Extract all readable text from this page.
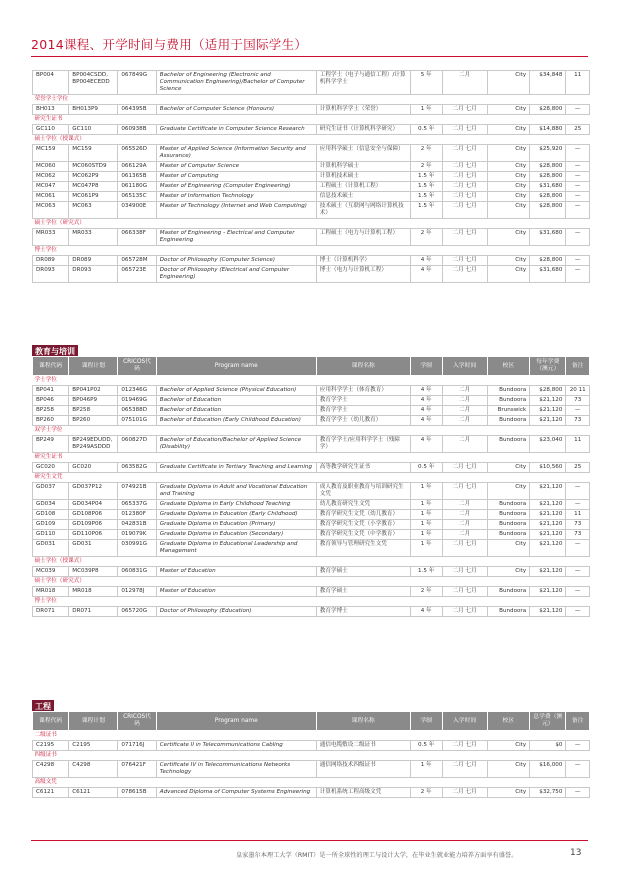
2014课程、开学时间与费用（适用于国际学生）
BP004	BP004CSDD, BP004ECEDD	067849G	Bachelor of Engineering (Electronic and Communication Engineering)/Bachelor of Computer Science	工程学士（电子与通信工程）/计算机科学学士	5 年	二月	City	$34,848	11
荣誉学士学位									
BH013	BH013P9	064395B	Bachelor of Computer Science (Honours)	计算机科学学士（荣誉）	1 年	二月 七月	City	$28,800	—
研究生证书									
GC110	GC110	060938B	Graduate Certificate in Computer Science Research	研究生证书（计算机科学研究）	0.5 年	二月 七月	City	$14,880	25
硕士学位（授课式）									
MC159	MC159	065526D	Master of Applied Science (Information Security and Assurance)	应用科学硕士（信息安全与保障）	2 年	二月 七月	City	$25,920	—
MC060	MC060STD9	066129A	Master of Computer Science	计算机科学硕士	2 年	二月 七月	City	$28,800	—
MC062	MC062P9	061365B	Master of Computing	计算机技术硕士	1.5 年	二月 七月	City	$28,800	—
MC047	MC047P8	061180G	Master of Engineering (Computer Engineering)	工程硕士（计算机工程）	1.5 年	二月 七月	City	$31,680	—
MC061	MC061P9	065135C	Master of Information Technology	信息技术硕士	1.5 年	二月 七月	City	$28,800	—
MC063	MC063	034900E	Master of Technology (Internet and Web Computing)	技术硕士（互联网与网络计算机技术）	1.5 年	二月 七月	City	$28,800	—
硕士学位（研究式）									
MR033	MR033	066338F	Master of Engineering - Electrical and Computer Engineering	工程硕士（电力与计算机工程）	2 年	二月 七月	City	$31,680	—
博士学位									
DR089	DR089	065728M	Doctor of Philosophy (Computer Science)	博士（计算机科学）	4 年	二月 七月	City	$28,800	—
DR093	DR093	065723E	Doctor of Philosophy (Electrical and Computer Engineering)	博士（电力与计算机工程）	4 年	二月 七月	City	$31,680	—
教育与培训
课程代码	课程计划	CRICOS代码	Program name	课程名称	学制	入学时间	校区	每年学费（澳元）	备注
学士学位									
BP041	BP041P02	012346G	Bachelor of Applied Science (Physical Education)	应用科学学士（体育教育）	4 年	二月	Bundoora	$28,800	20 11
BP046	BP046P9	019469G	Bachelor of Education	教育学学士	4 年	二月	Bundoora	$21,120	73
BP258	BP258	065388D	Bachelor of Education	教育学学士	4 年	二月	Brunswick	$21,120	—
BP260	BP260	075101G	Bachelor of Education (Early Childhood Education)	教育学学士（幼儿教育）	4 年	二月	Bundoora	$21,120	73
双学士学位									
BP249	BP249EDUDD, BP249ASDDD	060827D	Bachelor of Education/Bachelor of Applied Science (Disability)	教育学学士/应用科学学士（残障学）	4 年	二月	Bundoora	$23,040	11
研究生证书									
GC020	GC020	063582G	Graduate Certificate in Tertiary Teaching and Learning	高等教学研究生证书	0.5 年	二月 七月	City	$10,560	25
研究生文凭									
GD037	GD037P12	074921B	Graduate Diploma in Adult and Vocational Education and Training	成人教育及职业教育与培训研究生文凭	1 年	二月 七月	City	$21,120	—
GD034	GD034P04	065337G	Graduate Diploma in Early Childhood Teaching	幼儿教育研究生文凭	1 年	二月	Bundoora	$21,120	—
GD108	GD108P06	012380F	Graduate Diploma in Education (Early Childhood)	教育学研究生文凭（幼儿教育）	1 年	二月	Bundoora	$21,120	11
GD109	GD109P06	042831B	Graduate Diploma in Education (Primary)	教育学研究生文凭（小学教育）	1 年	二月	Bundoora	$21,120	73
GD110	GD110P06	019079K	Graduate Diploma in Education (Secondary)	教育学研究生文凭（中学教育）	1 年	二月	Bundoora	$21,120	73
GD031	GD031	030991G	Graduate Diploma in Educational Leadership and Management	教育领导与管理研究生文凭	1 年	二月 七月	City	$21,120	—
硕士学位（授课式）									
MC039	MC039P8	060831G	Master of Education	教育学硕士	1.5 年	二月 七月	City	$21,120	—
硕士学位（研究式）									
MR018	MR018	012978J	Master of Education	教育学硕士	2 年	二月 七月	Bundoora	$21,120	—
博士学位									
DR071	DR071	065720G	Doctor of Philosophy (Education)	教育学博士	4 年	二月 七月	Bundoora	$21,120	—
工程
课程代码	课程计划	CRICOS代码	Program name	课程名称	学制	入学时间	校区	总学费（澳元）	备注
二级证书									
C2195	C2195	071716J	Certificate II in Telecommunications Cabling	通信电缆敷设二级证书	0.5 年	二月 七月	City	$0	—
四级证书									
C4298	C4298	076421F	Certificate IV in Telecommunications Networks Technology	通信网络技术四级证书	1 年	二月 七月	City	$16,000	—
高级文凭									
C6121	C6121	078615B	Advanced Diploma of Computer Systems Engineering	计算机系统工程高级文凭	2 年	二月 七月	City	$32,750	—
皇家墨尔本理工大学（RMIT）是一所全球性的理工与设计大学，在毕业生就业能力培养方面享有盛誉。	13
